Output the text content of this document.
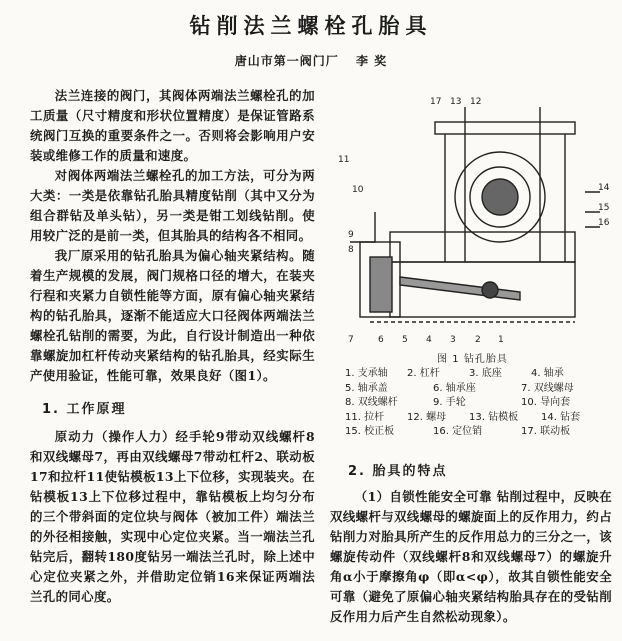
钻削法兰螺栓孔胎具
唐山市第一阀门厂 李 奖

法兰连接的阀门，其阀体两端法兰螺栓孔的加工质量（尺寸精度和形状位置精度）是保证管路系统阀门互换的重要条件之一。否则将会影响用户安装或维修工作的质量和速度。

对阀体两端法兰螺栓孔的加工方法，可分为两大类：一类是依靠钻孔胎具精度钻削（其中又分为组合群钻及单头钻），另一类是钳工划线钻削。使用较广泛的是前一类，但其胎具的结构各不相同。

我厂原采用的钻孔胎具为偏心轴夹紧结构。随着生产规模的发展，阀门规格口径的增大，在装夹行程和夹紧力自锁性能等方面，原有偏心轴夹紧结构的钻孔胎具，逐渐不能适应大口径阀体两端法兰螺栓孔钻削的需要，为此，自行设计制造出一种依靠螺旋加杠杆传动夹紧结构的钻孔胎具，经实际生产使用验证，性能可靠，效果良好（图1）。

1. 工作原理

原动力（操作人力）经手轮9带动双线螺杆8和双线螺母7，再由双线螺母7带动杠杆2、联动板17和拉杆11使钻模板13上下位移，实现装夹。在钻模板13上下位移过程中，靠钻模板上均匀分布的三个带斜面的定位块与阀体（被加工件）端法兰的外径相接触，实现中心定位夹紧。当一端法兰孔钻完后，翻转180度钻另一端法兰孔时，除上述中心定位夹紧之外，并借助定位销16来保证两端法兰孔的同心度。

17 13 12
11
10
9
8
7	6 5 4 3 2 1
14
15
16
图 1 钻孔胎具
1. 支承轴	2. 杠杆	3. 底座	4. 轴承
5. 轴承盖	6. 轴承座	7. 双线螺母
8. 双线螺杆	9. 手轮	10. 导向套
11. 拉杆	12. 螺母	13. 钻模板	14. 钻套
15. 校正板	16. 定位销	17. 联动板
2. 胎具的特点

（1）自锁性能安全可靠 钻削过程中，反映在双线螺杆与双线螺母的螺旋面上的反作用力，约占钻削力对胎具所产生的反作用总力的三分之一，该螺旋传动件（双线螺杆8和双线螺母7）的螺旋升角α小于摩擦角φ（即α<φ），故其自锁性能安全可靠（避免了原偏心轴夹紧结构胎具存在的受钻削反作用力后产生自然松动现象）。
